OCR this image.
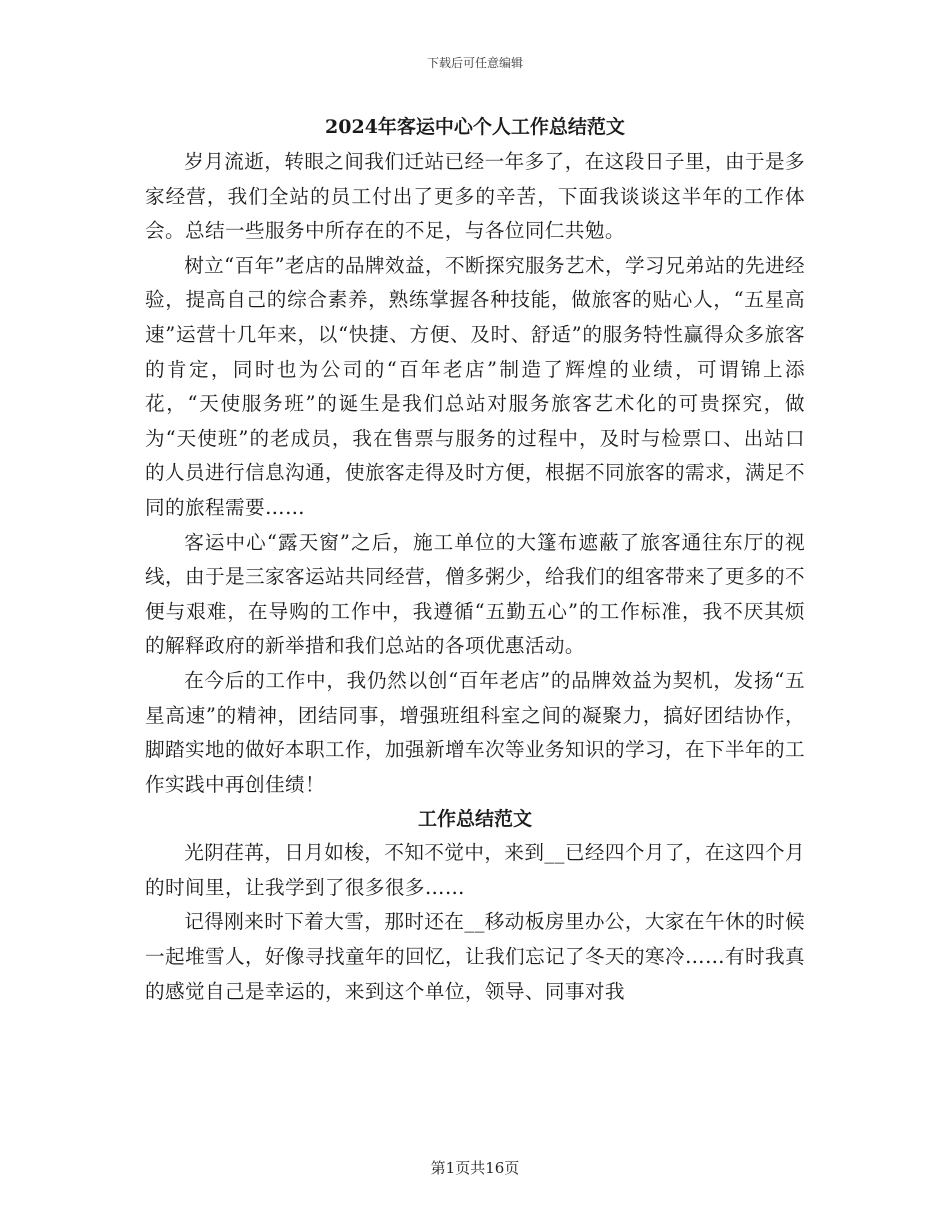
下载后可任意编辑
2024年客运中心个人工作总结范文

岁月流逝，转眼之间我们迁站已经一年多了，在这段日子里，由于是多家经营，我们全站的员工付出了更多的辛苦，下面我谈谈这半年的工作体会。总结一些服务中所存在的不足，与各位同仁共勉。

树立“百年”老店的品牌效益，不断探究服务艺术，学习兄弟站的先进经验，提高自己的综合素养，熟练掌握各种技能，做旅客的贴心人，“五星高速”运营十几年来，以“快捷、方便、及时、舒适”的服务特性赢得众多旅客的肯定，同时也为公司的“百年老店”制造了辉煌的业绩，可谓锦上添花，“天使服务班”的诞生是我们总站对服务旅客艺术化的可贵探究，做为“天使班”的老成员，我在售票与服务的过程中，及时与检票口、出站口的人员进行信息沟通，使旅客走得及时方便，根据不同旅客的需求，满足不同的旅程需要……

客运中心“露天窗”之后，施工单位的大篷布遮蔽了旅客通往东厅的视线，由于是三家客运站共同经营，僧多粥少，给我们的组客带来了更多的不便与艰难，在导购的工作中，我遵循“五勤五心”的工作标准，我不厌其烦的解释政府的新举措和我们总站的各项优惠活动。

在今后的工作中，我仍然以创“百年老店”的品牌效益为契机，发扬“五星高速”的精神，团结同事，增强班组科室之间的凝聚力，搞好团结协作，脚踏实地的做好本职工作，加强新增车次等业务知识的学习，在下半年的工作实践中再创佳绩！

工作总结范文

光阴荏苒，日月如梭，不知不觉中，来到__已经四个月了，在这四个月的时间里，让我学到了很多很多……

记得刚来时下着大雪，那时还在__移动板房里办公，大家在午休的时候一起堆雪人，好像寻找童年的回忆，让我们忘记了冬天的寒冷……有时我真的感觉自己是幸运的，来到这个单位，领导、同事对我

第1页共16页
